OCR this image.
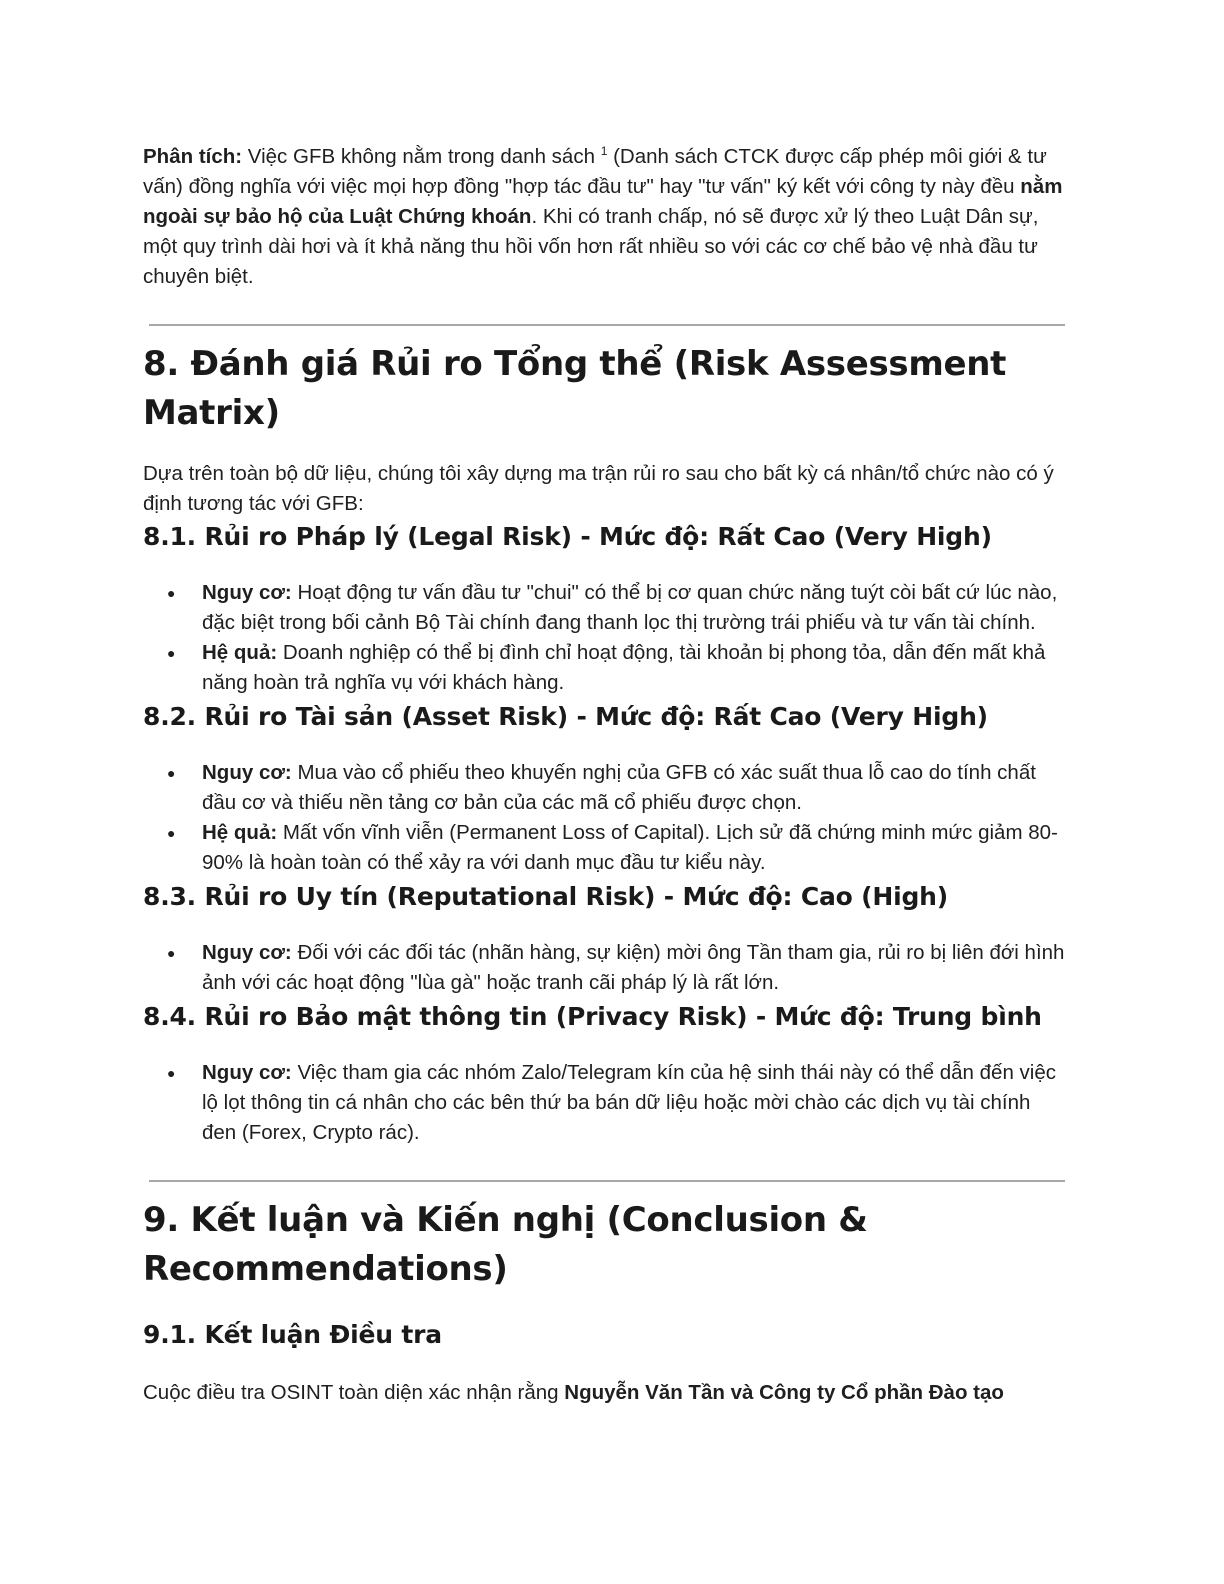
Phân tích: Việc GFB không nằm trong danh sách $^1$ (Danh sách CTCK được cấp phép môi giới & tư vấn) đồng nghĩa với việc mọi hợp đồng "hợp tác đầu tư" hay "tư vấn" ký kết với công ty này đều nằm ngoài sự bảo hộ của Luật Chứng khoán. Khi có tranh chấp, nó sẽ được xử lý theo Luật Dân sự, một quy trình dài hơi và ít khả năng thu hồi vốn hơn rất nhiều so với các cơ chế bảo vệ nhà đầu tư chuyên biệt.

8. Đánh giá Rủi ro Tổng thể (Risk Assessment Matrix)

Dựa trên toàn bộ dữ liệu, chúng tôi xây dựng ma trận rủi ro sau cho bất kỳ cá nhân/tổ chức nào có ý định tương tác với GFB:

8.1. Rủi ro Pháp lý (Legal Risk) - Mức độ: Rất Cao (Very High)
● Nguy cơ: Hoạt động tư vấn đầu tư "chui" có thể bị cơ quan chức năng tuýt còi bất cứ lúc nào, đặc biệt trong bối cảnh Bộ Tài chính đang thanh lọc thị trường trái phiếu và tư vấn tài chính.
● Hệ quả: Doanh nghiệp có thể bị đình chỉ hoạt động, tài khoản bị phong tỏa, dẫn đến mất khả năng hoàn trả nghĩa vụ với khách hàng.
8.2. Rủi ro Tài sản (Asset Risk) - Mức độ: Rất Cao (Very High)
● Nguy cơ: Mua vào cổ phiếu theo khuyến nghị của GFB có xác suất thua lỗ cao do tính chất đầu cơ và thiếu nền tảng cơ bản của các mã cổ phiếu được chọn.
● Hệ quả: Mất vốn vĩnh viễn (Permanent Loss of Capital). Lịch sử đã chứng minh mức giảm 80-90% là hoàn toàn có thể xảy ra với danh mục đầu tư kiểu này.
8.3. Rủi ro Uy tín (Reputational Risk) - Mức độ: Cao (High)
● Nguy cơ: Đối với các đối tác (nhãn hàng, sự kiện) mời ông Tần tham gia, rủi ro bị liên đới hình ảnh với các hoạt động "lùa gà" hoặc tranh cãi pháp lý là rất lớn.
8.4. Rủi ro Bảo mật thông tin (Privacy Risk) - Mức độ: Trung bình
● Nguy cơ: Việc tham gia các nhóm Zalo/Telegram kín của hệ sinh thái này có thể dẫn đến việc lộ lọt thông tin cá nhân cho các bên thứ ba bán dữ liệu hoặc mời chào các dịch vụ tài chính đen (Forex, Crypto rác).
9. Kết luận và Kiến nghị (Conclusion & Recommendations)
9.1. Kết luận Điều tra

Cuộc điều tra OSINT toàn diện xác nhận rằng Nguyễn Văn Tần và Công ty Cổ phần Đào tạo
